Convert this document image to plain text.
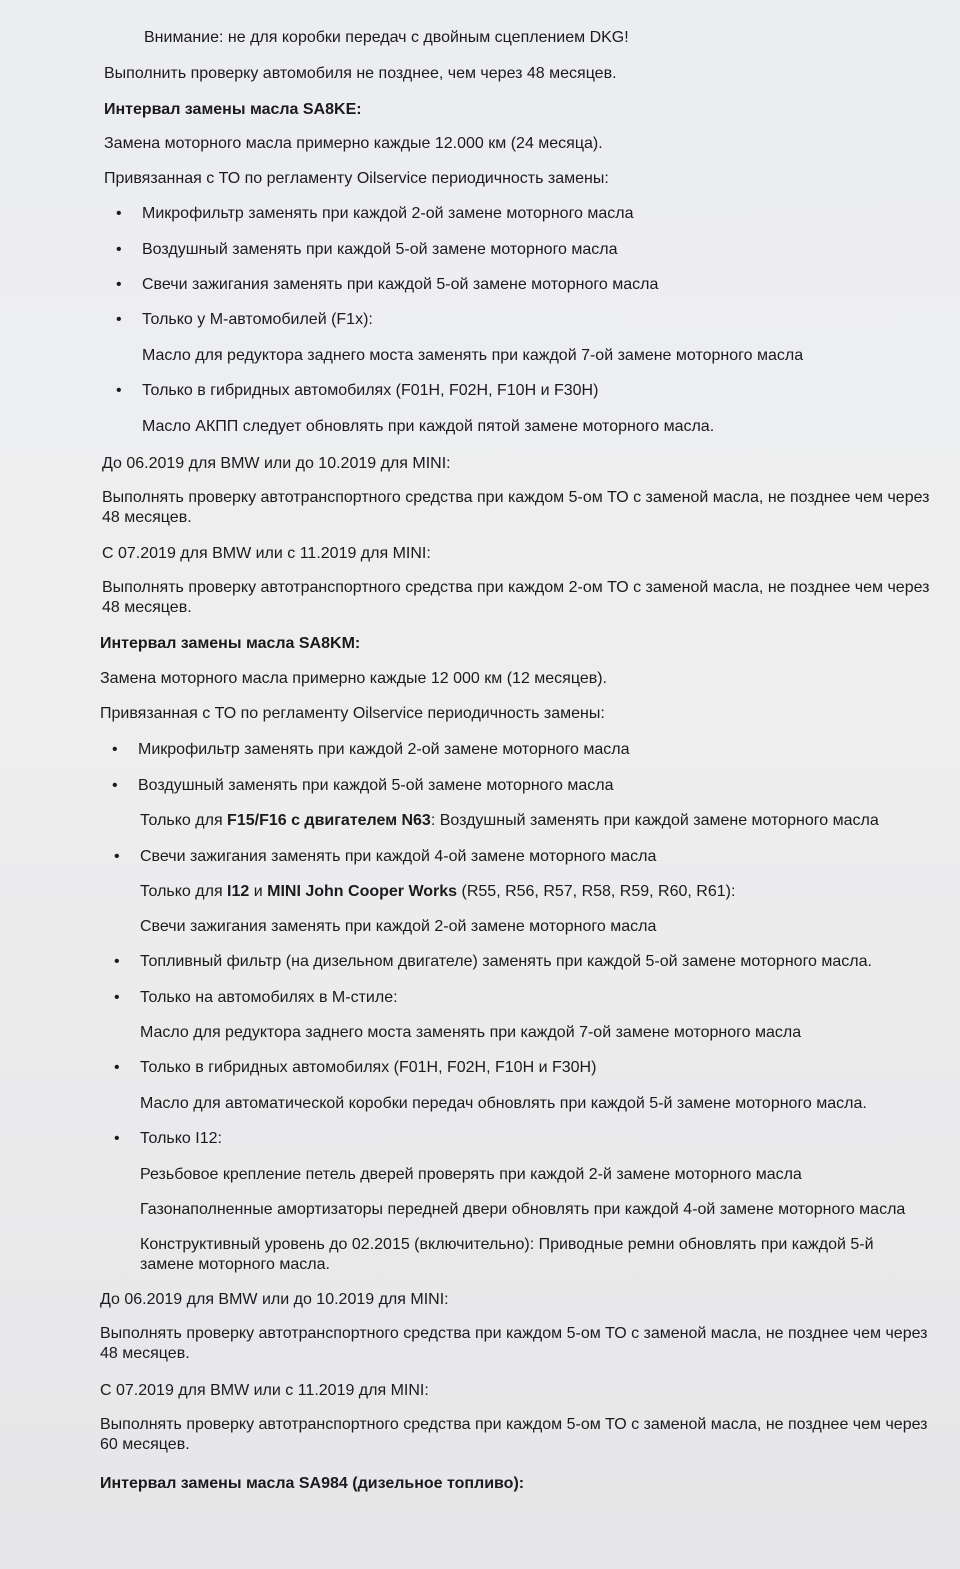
Внимание: не для коробки передач с двойным сцеплением DKG!
Выполнить проверку автомобиля не позднее, чем через 48 месяцев.
Интервал замены масла SA8KE:
Замена моторного масла примерно каждые 12.000 км (24 месяца).
Привязанная с ТО по регламенту Oilservice периодичность замены:
• Микрофильтр заменять при каждой 2-ой замене моторного масла
• Воздушный заменять при каждой 5-ой замене моторного масла
• Свечи зажигания заменять при каждой 5-ой замене моторного масла
• Только у М-автомобилей (F1x):
Масло для редуктора заднего моста заменять при каждой 7-ой замене моторного масла
• Только в гибридных автомобилях (F01H, F02H, F10H и F30H)
Масло АКПП следует обновлять при каждой пятой замене моторного масла.
До 06.2019 для BMW или до 10.2019 для MINI:
Выполнять проверку автотранспортного средства при каждом 5-ом ТО с заменой масла, не позднее чем через 48 месяцев.
С 07.2019 для BMW или с 11.2019 для MINI:
Выполнять проверку автотранспортного средства при каждом 2-ом ТО с заменой масла, не позднее чем через 48 месяцев.
Интервал замены масла SA8KM:
Замена моторного масла примерно каждые 12 000 км (12 месяцев).
Привязанная с ТО по регламенту Oilservice периодичность замены:
• Микрофильтр заменять при каждой 2-ой замене моторного масла
• Воздушный заменять при каждой 5-ой замене моторного масла
Только для F15/F16 с двигателем N63: Воздушный заменять при каждой замене моторного масла
• Свечи зажигания заменять при каждой 4-ой замене моторного масла
Только для I12 и MINI John Cooper Works (R55, R56, R57, R58, R59, R60, R61):
Свечи зажигания заменять при каждой 2-ой замене моторного масла
• Топливный фильтр (на дизельном двигателе) заменять при каждой 5-ой замене моторного масла.
• Только на автомобилях в М-стиле:
Масло для редуктора заднего моста заменять при каждой 7-ой замене моторного масла
• Только в гибридных автомобилях (F01H, F02H, F10H и F30H)
Масло для автоматической коробки передач обновлять при каждой 5-й замене моторного масла.
• Только I12:
Резьбовое крепление петель дверей проверять при каждой 2-й замене моторного масла
Газонаполненные амортизаторы передней двери обновлять при каждой 4-ой замене моторного масла
Конструктивный уровень до 02.2015 (включительно): Приводные ремни обновлять при каждой 5-й замене моторного масла.
До 06.2019 для BMW или до 10.2019 для MINI:
Выполнять проверку автотранспортного средства при каждом 5-ом ТО с заменой масла, не позднее чем через 48 месяцев.
С 07.2019 для BMW или с 11.2019 для MINI:
Выполнять проверку автотранспортного средства при каждом 5-ом ТО с заменой масла, не позднее чем через 60 месяцев.
Интервал замены масла SA984 (дизельное топливо):
